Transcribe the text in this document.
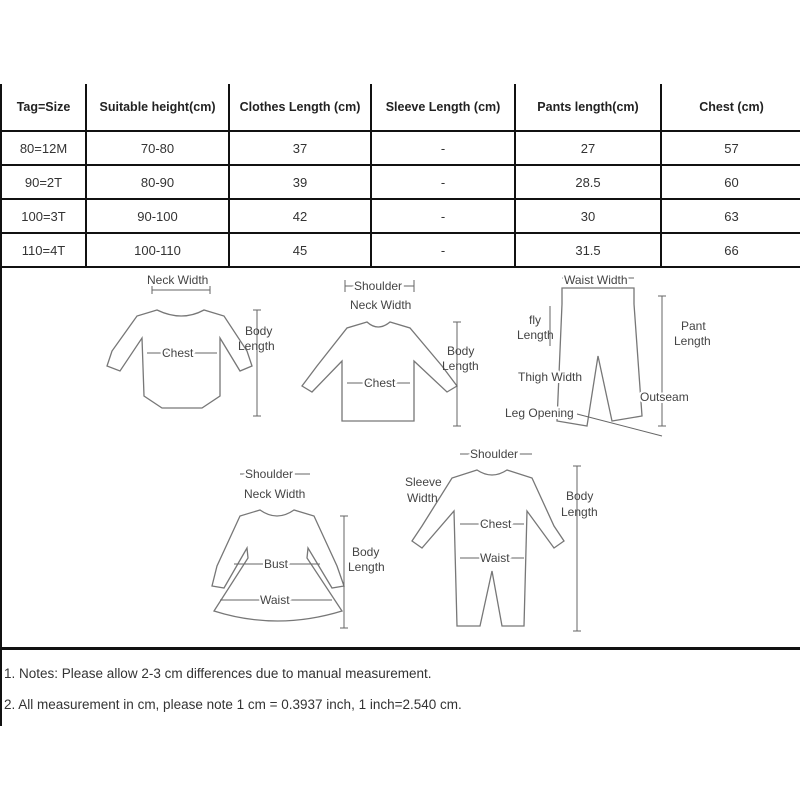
Tag=Size	Suitable height(cm)	Clothes Length (cm)	Sleeve Length (cm)	Pants length(cm)	Chest (cm)
80=12M	70-80	37	-	27	57
90=2T	80-90	39	-	28.5	60
100=3T	90-100	42	-	30	63
110=4T	100-110	45	-	31.5	66
Neck Width
Body
Length
Chest
Shoulder
Neck Width
Body
Length
Chest
Waist Width
fly
Length
Pant
Length
Thigh Width
Outseam
Leg Opening
Shoulder
Neck Width
Body
Length
Bust
Waist
Shoulder
Sleeve
Width	Body
Length
Chest
Waist
1. Notes: Please allow 2-3 cm differences due to manual measurement.
2. All measurement in cm, please note 1 cm = 0.3937 inch, 1 inch=2.540 cm.
